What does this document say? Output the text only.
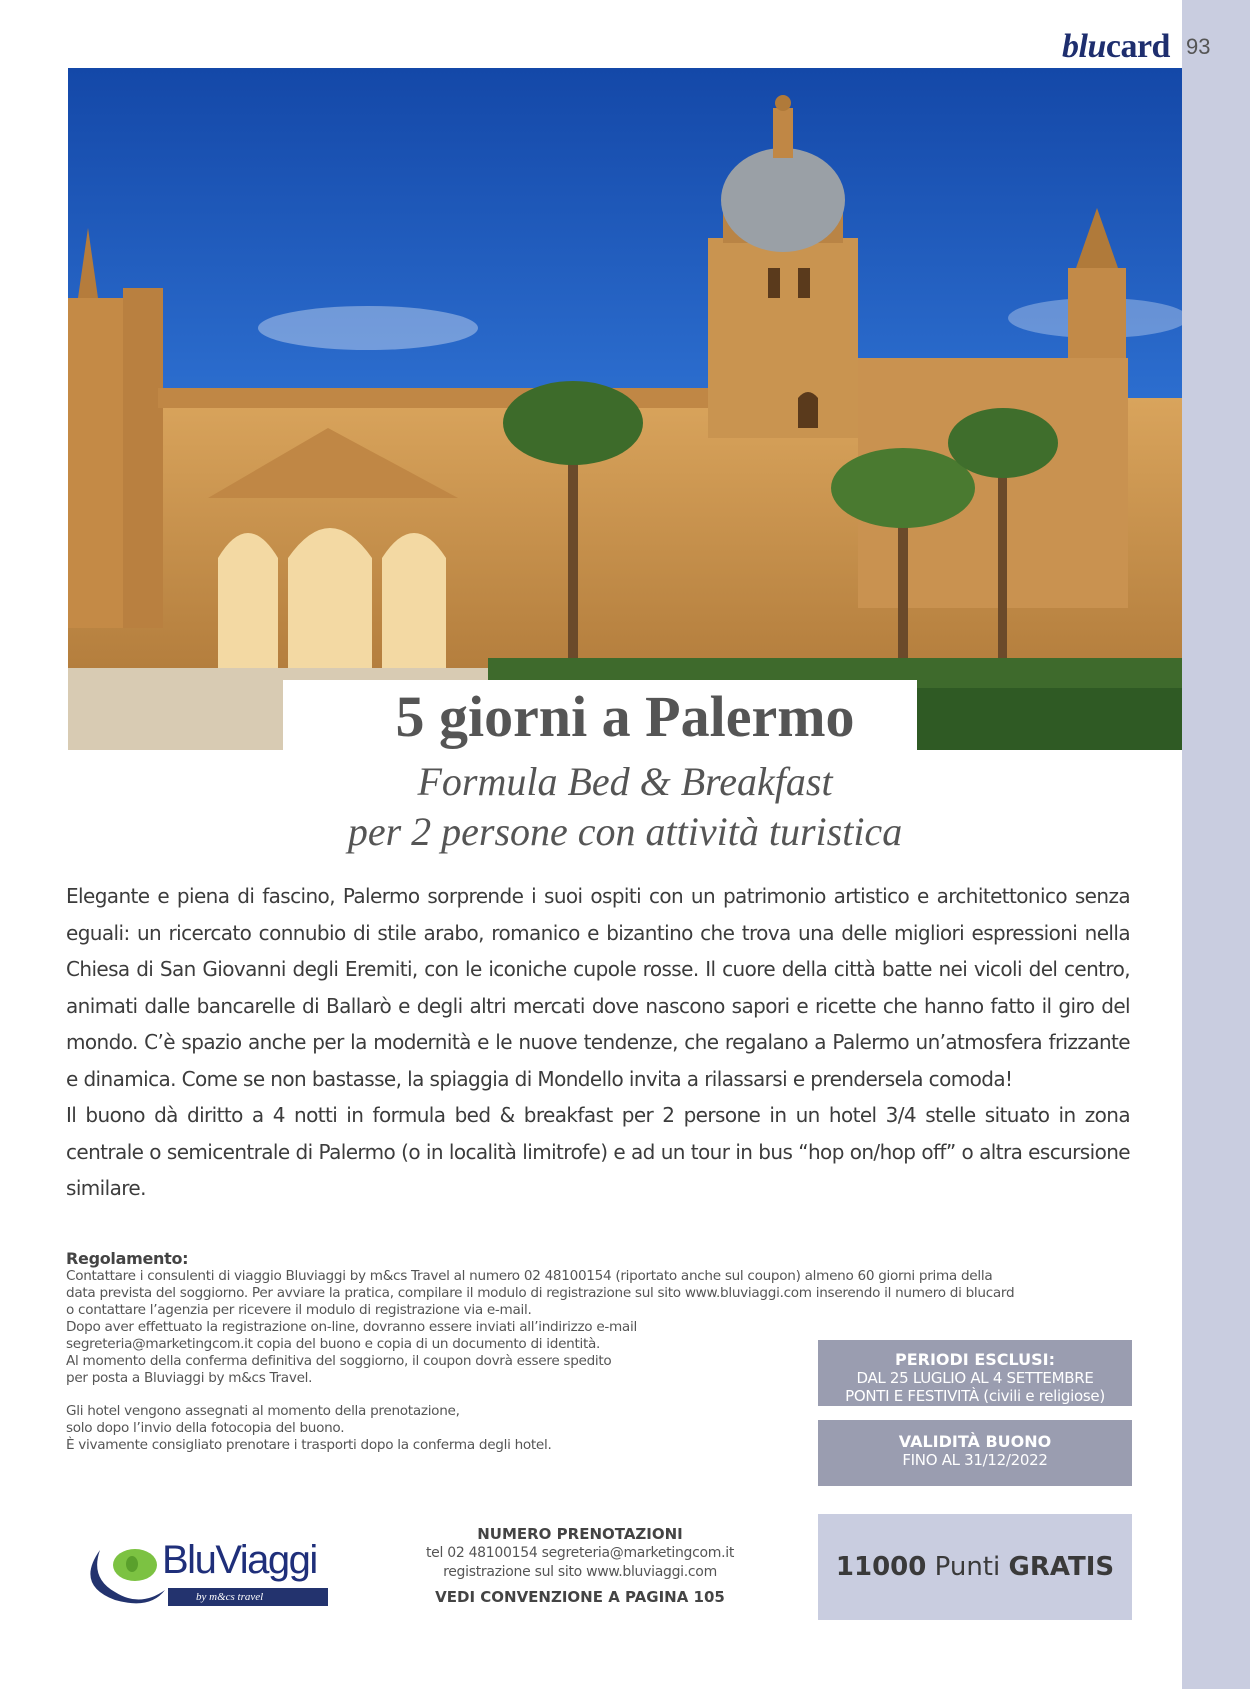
blucard 93
5 giorni a Palermo
Formula Bed & Breakfast
per 2 persone con attività turistica

Elegante e piena di fascino, Palermo sorprende i suoi ospiti con un patrimonio artistico e architettonico senza eguali: un ricercato connubio di stile arabo, romanico e bizantino che trova una delle migliori espressioni nella Chiesa di San Giovanni degli Eremiti, con le iconiche cupole rosse. Il cuore della città batte nei vicoli del centro, animati dalle bancarelle di Ballarò e degli altri mercati dove nascono sapori e ricette che hanno fatto il giro del mondo. C’è spazio anche per la modernità e le nuove tendenze, che regalano a Palermo un’atmosfera frizzante e dinamica. Come se non bastasse, la spiaggia di Mondello invita a rilassarsi e prendersela comoda!

Il buono dà diritto a 4 notti in formula bed & breakfast per 2 persone in un hotel 3/4 stelle situato in zona centrale o semicentrale di Palermo (o in località limitrofe) e ad un tour in bus “hop on/hop off” o altra escursione similare.

Regolamento:
Contattare i consulenti di viaggio Bluviaggi by m&cs Travel al numero 02 48100154 (riportato anche sul coupon) almeno 60 giorni prima della
data prevista del soggiorno. Per avviare la pratica, compilare il modulo di registrazione sul sito www.bluviaggi.com inserendo il numero di blucard
o contattare l’agenzia per ricevere il modulo di registrazione via e-mail.
Dopo aver effettuato la registrazione on-line, dovranno essere inviati all’indirizzo e-mail
segreteria@marketingcom.it copia del buono e copia di un documento di identità.
Al momento della conferma definitiva del soggiorno, il coupon dovrà essere spedito
per posta a Bluviaggi by m&cs Travel.
Gli hotel vengono assegnati al momento della prenotazione,
solo dopo l’invio della fotocopia del buono.
È vivamente consigliato prenotare i trasporti dopo la conferma degli hotel.
PERIODI ESCLUSI:
DAL 25 LUGLIO AL 4 SETTEMBRE
PONTI E FESTIVITÀ (civili e religiose)
VALIDITÀ BUONO
FINO AL 31/12/2022
11000
Punti
GRATIS
BluViaggi
by m&cs travel
NUMERO PRENOTAZIONI
tel 02 48100154 segreteria@marketingcom.it
registrazione sul sito www.bluviaggi.com
VEDI CONVENZIONE A PAGINA 105
